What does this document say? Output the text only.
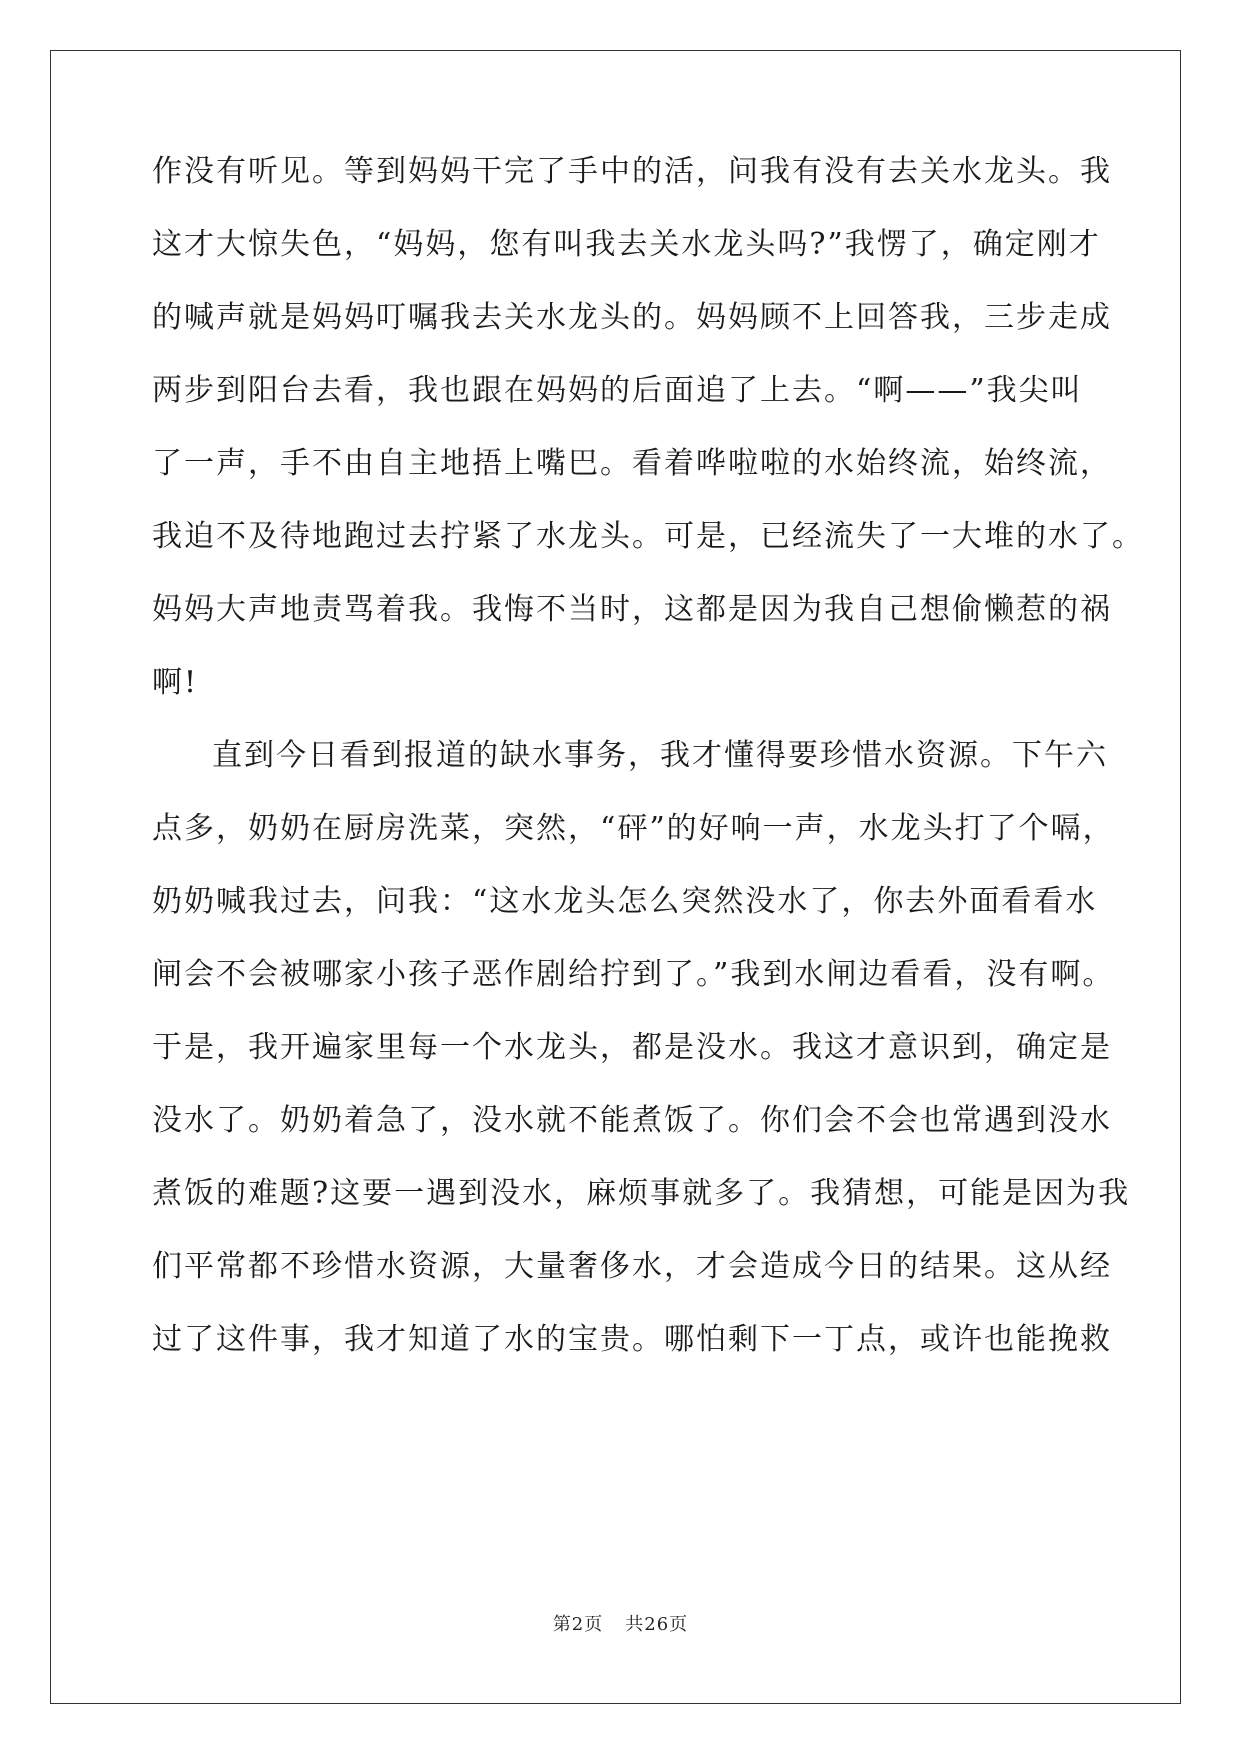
作没有听见。等到妈妈干完了手中的活，问我有没有去关水龙头。我
这才大惊失色，“妈妈，您有叫我去关水龙头吗?”我愣了，确定刚才
的喊声就是妈妈叮嘱我去关水龙头的。妈妈顾不上回答我，三步走成
两步到阳台去看，我也跟在妈妈的后面追了上去。“啊——”我尖叫
了一声，手不由自主地捂上嘴巴。看着哗啦啦的水始终流，始终流，
我迫不及待地跑过去拧紧了水龙头。可是，已经流失了一大堆的水了。
妈妈大声地责骂着我。我悔不当时，这都是因为我自己想偷懒惹的祸
啊!
直到今日看到报道的缺水事务，我才懂得要珍惜水资源。下午六
点多，奶奶在厨房洗菜，突然，“砰”的好响一声，水龙头打了个嗝，
奶奶喊我过去，问我：“这水龙头怎么突然没水了，你去外面看看水
闸会不会被哪家小孩子恶作剧给拧到了。”我到水闸边看看，没有啊。
于是，我开遍家里每一个水龙头，都是没水。我这才意识到，确定是
没水了。奶奶着急了，没水就不能煮饭了。你们会不会也常遇到没水
煮饭的难题?这要一遇到没水，麻烦事就多了。我猜想，可能是因为我
们平常都不珍惜水资源，大量奢侈水，才会造成今日的结果。这从经
过了这件事，我才知道了水的宝贵。哪怕剩下一丁点，或许也能挽救
第2页 共26页
